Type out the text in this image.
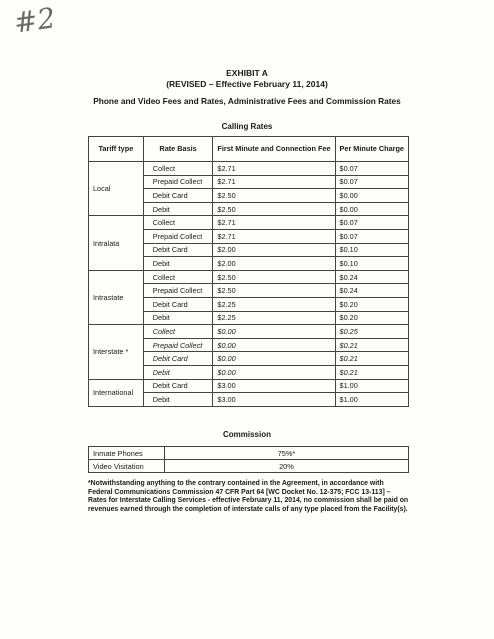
#2
EXHIBIT A
(REVISED – Effective February 11, 2014)
Phone and Video Fees and Rates, Administrative Fees and Commission Rates
Calling Rates
Tariff type	Rate Basis	First Minute and Connection Fee	Per Minute Charge
Local	Collect	$2.71	$0.07
	Prepaid Collect	$2.71	$0.07
	Debit Card	$2.50	$0.00
	Debit	$2.50	$0.00
Intralata	Collect	$2.71	$0.07
	Prepaid Collect	$2.71	$0.07
	Debit Card	$2.00	$0.10
	Debit	$2.00	$0.10
Intrastate	Collect	$2.50	$0.24
	Prepaid Collect	$2.50	$0.24
	Debit Card	$2.25	$0.20
	Debit	$2.25	$0.20
Interstate *	Collect	$0.00	$0.25
	Prepaid Collect	$0.00	$0.21
	Debit Card	$0.00	$0.21
	Debit	$0.00	$0.21
International	Debit Card	$3.00	$1.00
	Debit	$3.00	$1.00
Commission
Inmate Phones	75%*
Video Visitation	20%
*Notwithstanding anything to the contrary contained in the Agreement, in accordance with Federal Communications Commission 47 CFR Part 64 [WC Docket No. 12-375; FCC 13-113] – Rates for Interstate Calling Services - effective February 11, 2014, no commission shall be paid on revenues earned through the completion of interstate calls of any type placed from the Facility(s).
